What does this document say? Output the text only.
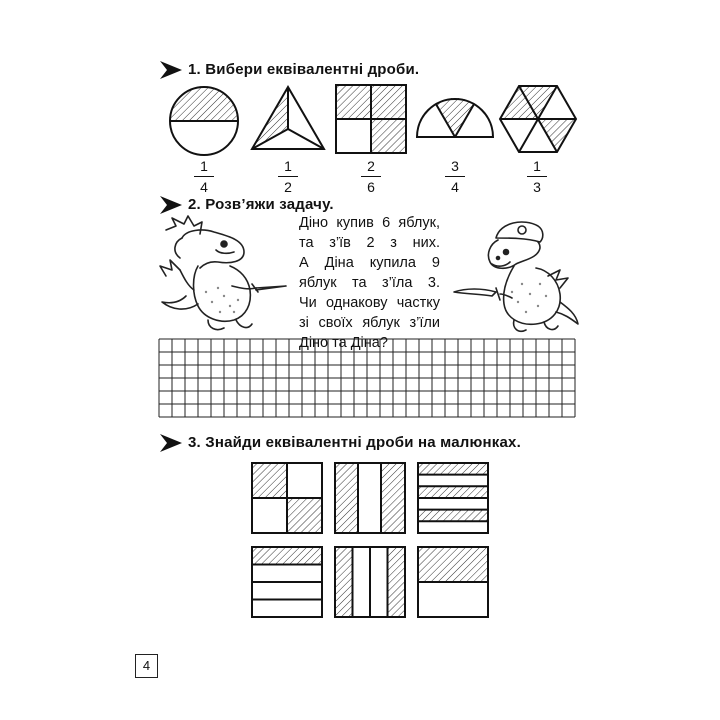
1. Вибери еквівалентні дроби.
1
4
1
2
2
6
3
4
1
3
2. Розв’яжи задачу.
Діно купив 6 яблук,
та з’їв 2 з них.
А Діна купила 9
яблук та з’їла 3.
Чи однакову частку
зі своїх яблук з’їли
Діно та Діна?
3. Знайди еквівалентні дроби на малюнках.
4
